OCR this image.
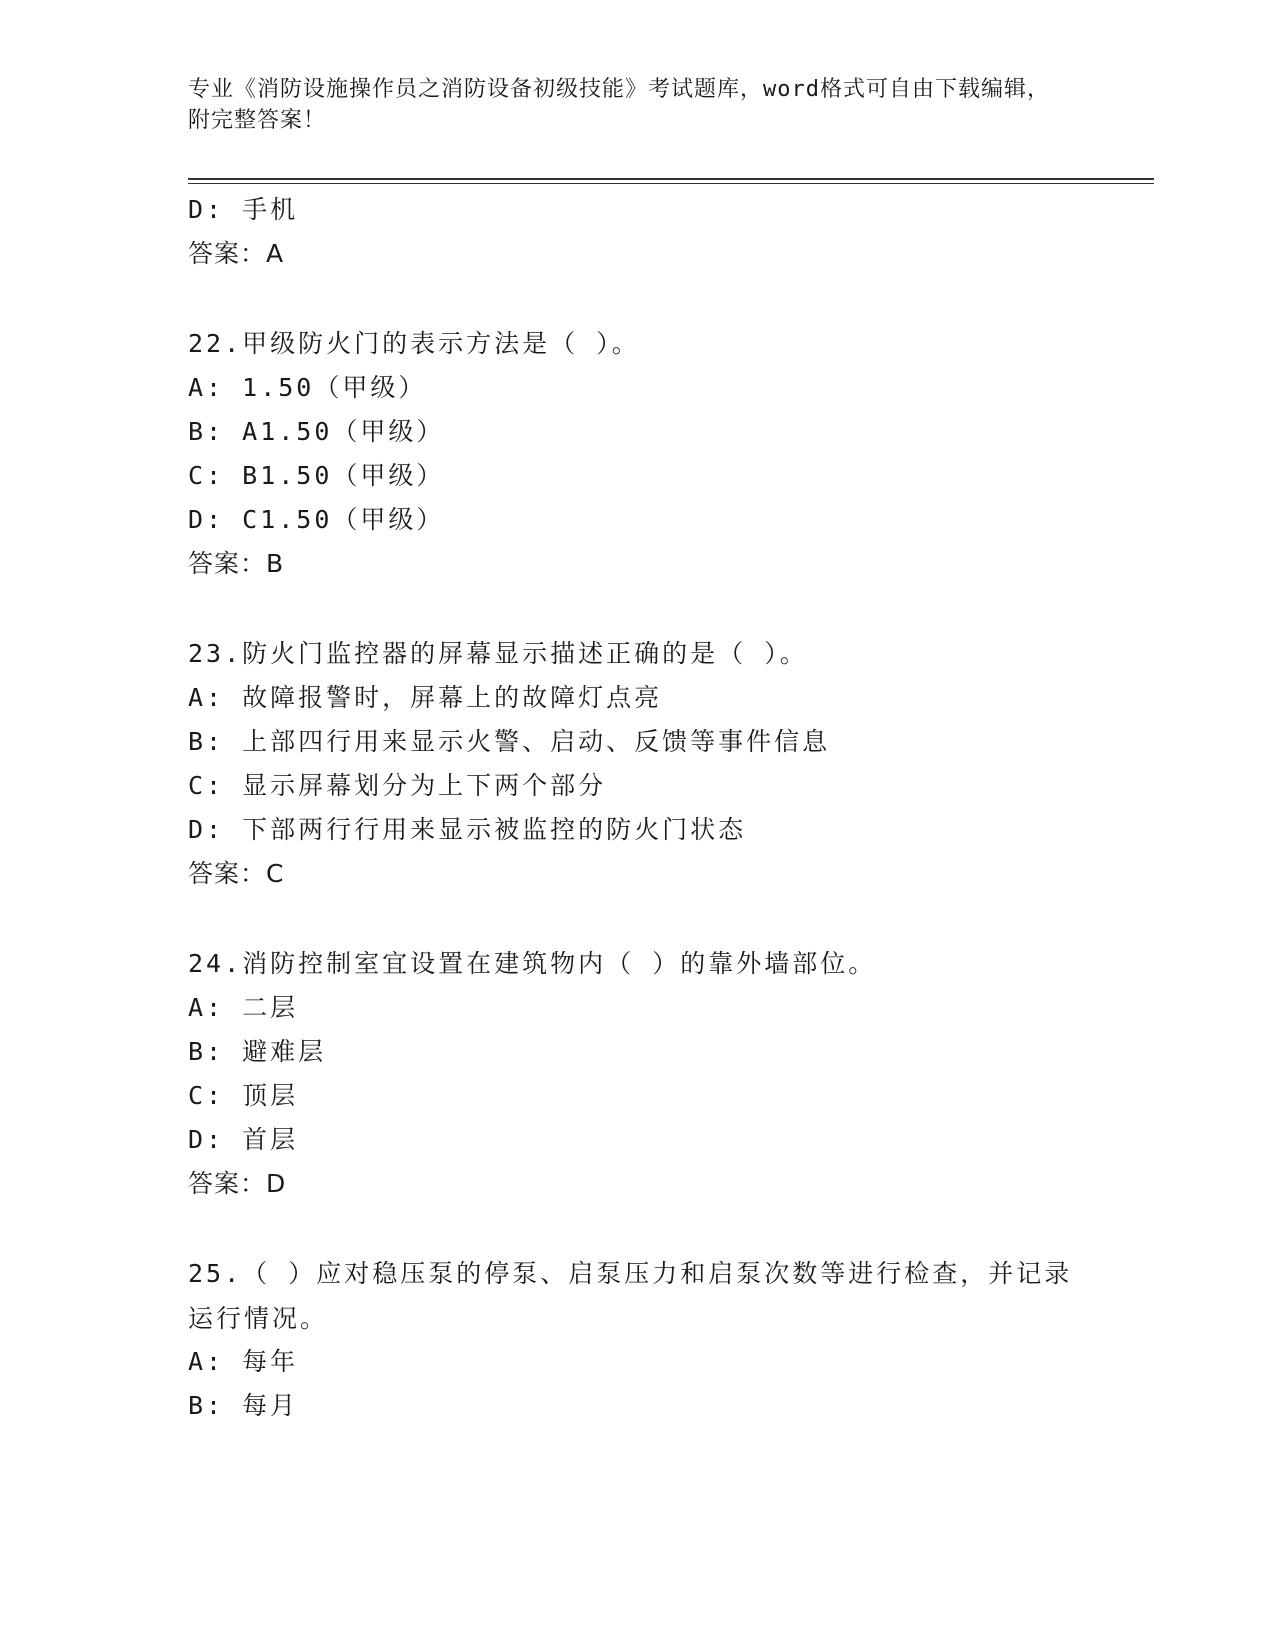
专业《消防设施操作员之消防设备初级技能》考试题库，word格式可自由下载编辑，附完整答案！
D: 手机
答案：A
22.甲级防火门的表示方法是（ ）。
A: 1.50（甲级）
B: A1.50（甲级）
C: B1.50（甲级）
D: C1.50（甲级）
答案：B
23.防火门监控器的屏幕显示描述正确的是（ ）。
A: 故障报警时，屏幕上的故障灯点亮
B: 上部四行用来显示火警、启动、反馈等事件信息
C: 显示屏幕划分为上下两个部分
D: 下部两行行用来显示被监控的防火门状态
答案：C
24.消防控制室宜设置在建筑物内（ ）的靠外墙部位。
A: 二层
B: 避难层
C: 顶层
D: 首层
答案：D
25.（ ）应对稳压泵的停泵、启泵压力和启泵次数等进行检查，并记录运行情况。
A: 每年
B: 每月
